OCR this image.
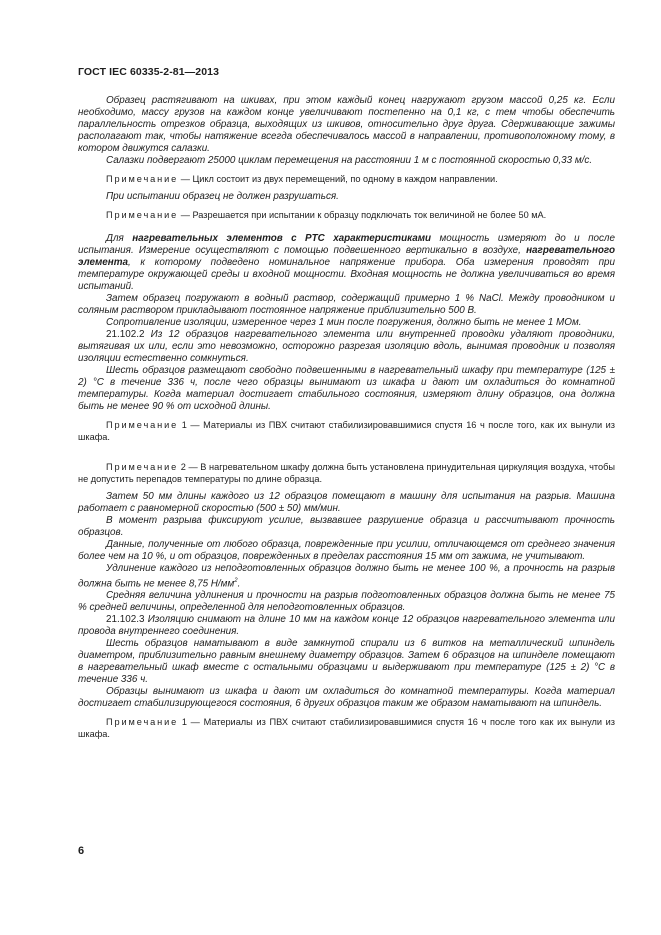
ГОСТ IEC 60335-2-81—2013

Образец растягивают на шкивах, при этом каждый конец нагружают грузом массой 0,25 кг. Если необходимо, массу грузов на каждом конце увеличивают постепенно на 0,1 кг, с тем чтобы обеспечить параллельность отрезков образца, выходящих из шкивов, относительно друг друга. Сдерживающие зажимы располагают так, чтобы натяжение всегда обеспечивалось массой в направлении, противоположному тому, в котором движутся салазки.

Салазки подвергают 25000 циклам перемещения на расстоянии 1 м с постоянной скоростью 0,33 м/с.

Примечание — Цикл состоит из двух перемещений, по одному в каждом направлении.

При испытании образец не должен разрушаться.

Примечание — Разрешается при испытании к образцу подключать ток величиной не более 50 мА.

Для нагревательных элементов с PTC характеристиками мощность измеряют до и после испытания. Измерение осуществляют с помощью подвешенного вертикально в воздухе, нагревательного элемента, к которому подведено номинальное напряжение прибора. Оба измерения проводят при температуре окружающей среды и входной мощности. Входная мощность не должна увеличиваться во время испытаний.

Затем образец погружают в водный раствор, содержащий примерно 1 % NaCl. Между проводником и соляным раствором прикладывают постоянное напряжение приблизительно 500 В.

Сопротивление изоляции, измеренное через 1 мин после погружения, должно быть не менее 1 МОм.

21.102.2 Из 12 образцов нагревательного элемента или внутренней проводки удаляют проводники, вытягивая их или, если это невозможно, осторожно разрезая изоляцию вдоль, вынимая проводник и позволяя изоляции естественно сомкнуться.

Шесть образцов размещают свободно подвешенными в нагревательный шкафу при температуре (125 ± 2) °С в течение 336 ч, после чего образцы вынимают из шкафа и дают им охладиться до комнатной температуры. Когда материал достигает стабильного состояния, измеряют длину образцов, она должна быть не менее 90 % от исходной длины.

Примечание 1 — Материалы из ПВХ считают стабилизировавшимися спустя 16 ч после того, как их вынули из шкафа.

Примечание 2 — В нагревательном шкафу должна быть установлена принудительная циркуляция воздуха, чтобы не допустить перепадов температуры по длине образца.

Затем 50 мм длины каждого из 12 образцов помещают в машину для испытания на разрыв. Машина работает с равномерной скоростью (500 ± 50) мм/мин.

В момент разрыва фиксируют усилие, вызвавшее разрушение образца и рассчитывают прочность образцов.

Данные, полученные от любого образца, поврежденные при усилии, отличающемся от среднего значения более чем на 10 %, и от образцов, поврежденных в пределах расстояния 15 мм от зажима, не учитывают.

Удлинение каждого из неподготовленных образцов должно быть не менее 100 %, а прочность на разрыв должна быть не менее 8,75 $Н/мм^2$.

Средняя величина удлинения и прочности на разрыв подготовленных образцов должна быть не менее 75 % средней величины, определенной для неподготовленных образцов.

21.102.3 Изоляцию снимают на длине 10 мм на каждом конце 12 образцов нагревательного элемента или провода внутреннего соединения.

Шесть образцов наматывают в виде замкнутой спирали из 6 витков на металлический шпиндель диаметром, приблизительно равным внешнему диаметру образцов. Затем 6 образцов на шпинделе помещают в нагревательный шкаф вместе с остальными образцами и выдерживают при температуре (125 ± 2) °С в течение 336 ч.

Образцы вынимают из шкафа и дают им охладиться до комнатной температуры. Когда материал достигает стабилизирующегося состояния, 6 других образцов таким же образом наматывают на шпиндель.

Примечание 1 — Материалы из ПВХ считают стабилизировавшимися спустя 16 ч после того как их вынули из шкафа.

6
